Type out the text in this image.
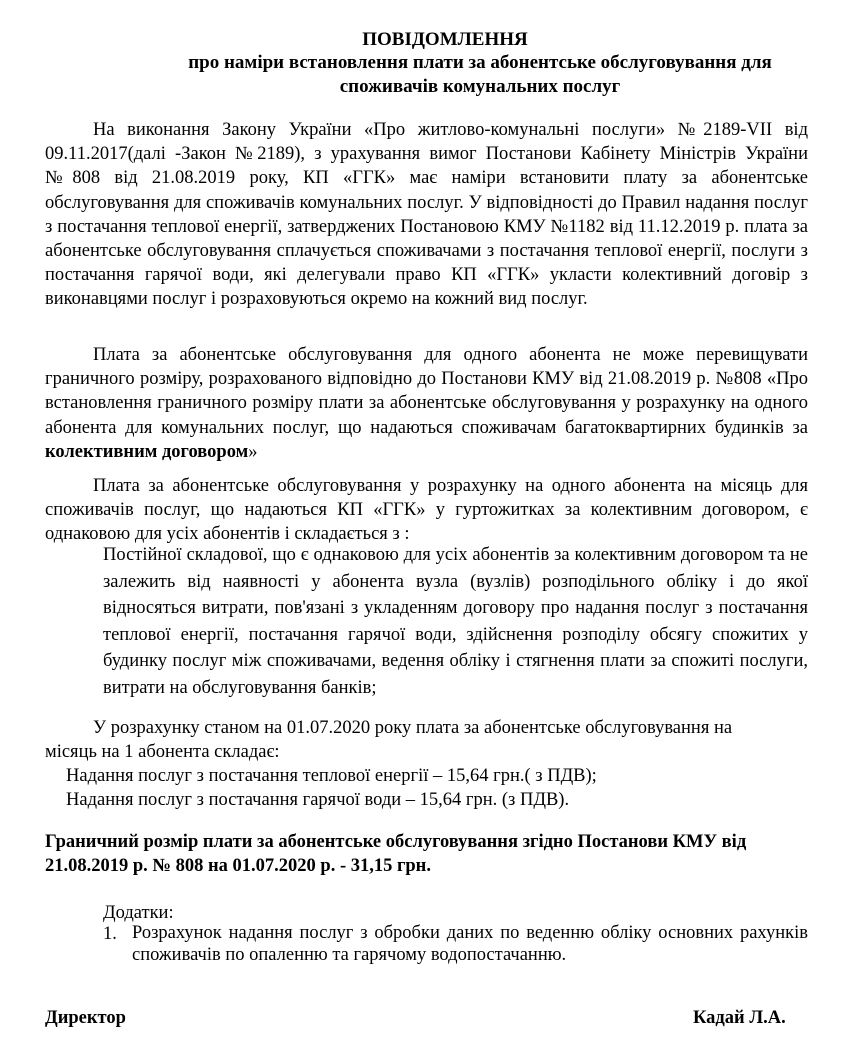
ПОВІДОМЛЕННЯ
про наміри встановлення плати за абонентське обслуговування для споживачів комунальних послуг
На виконання Закону України «Про житлово-комунальні послуги» №2189-VII від 09.11.2017(далі -Закон №2189), з урахування вимог Постанови Кабінету Міністрів України №808 від 21.08.2019 року, КП «ГГК» має наміри встановити плату за абонентське обслуговування для споживачів комунальних послуг. У відповідності до Правил надання послуг з постачання теплової енергії, затверджених Постановою КМУ №1182 від 11.12.2019 р. плата за абонентське обслуговування сплачується споживачами з постачання теплової енергії, послуги з постачання гарячої води, які делегували право КП «ГГК» укласти колективний договір з виконавцями послуг і розраховуються окремо на кожний вид послуг.
Плата за абонентське обслуговування для одного абонента не може перевищувати граничного розміру, розрахованого відповідно до Постанови КМУ від 21.08.2019 р. №808 «Про встановлення граничного розміру плати за абонентське обслуговування у розрахунку на одного абонента для комунальних послуг, що надаються споживачам багатоквартирних будинків за колективним договором»
Плата за абонентське обслуговування у розрахунку на одного абонента на місяць для споживачів послуг, що надаються КП «ГГК» у гуртожитках за колективним договором, є однаковою для усіх абонентів і складається з :
Постійної складової, що є однаковою для усіх абонентів за колективним договором та не залежить від наявності у абонента вузла (вузлів) розподільного обліку і до якої відносяться витрати, пов'язані з укладенням договору про надання послуг з постачання теплової енергії, постачання гарячої води, здійснення розподілу обсягу спожитих у будинку послуг між споживачами, ведення обліку і стягнення плати за спожиті послуги, витрати на обслуговування банків;
У розрахунку станом на 01.07.2020 року плата за абонентське обслуговування на
місяць на 1 абонента складає:
Надання послуг з постачання теплової енергії – 15,64 грн.( з ПДВ);
Надання послуг з постачання гарячої води – 15,64 грн. (з ПДВ).
Граничний розмір плати за абонентське обслуговування згідно Постанови КМУ від
21.08.2019 р. № 808 на 01.07.2020 р. - 31,15 грн.
Додатки:
1. Розрахунок надання послуг з обробки даних по веденню обліку основних рахунків споживачів по опаленню та гарячому водопостачанню.
Директор	Кадай Л.А.
